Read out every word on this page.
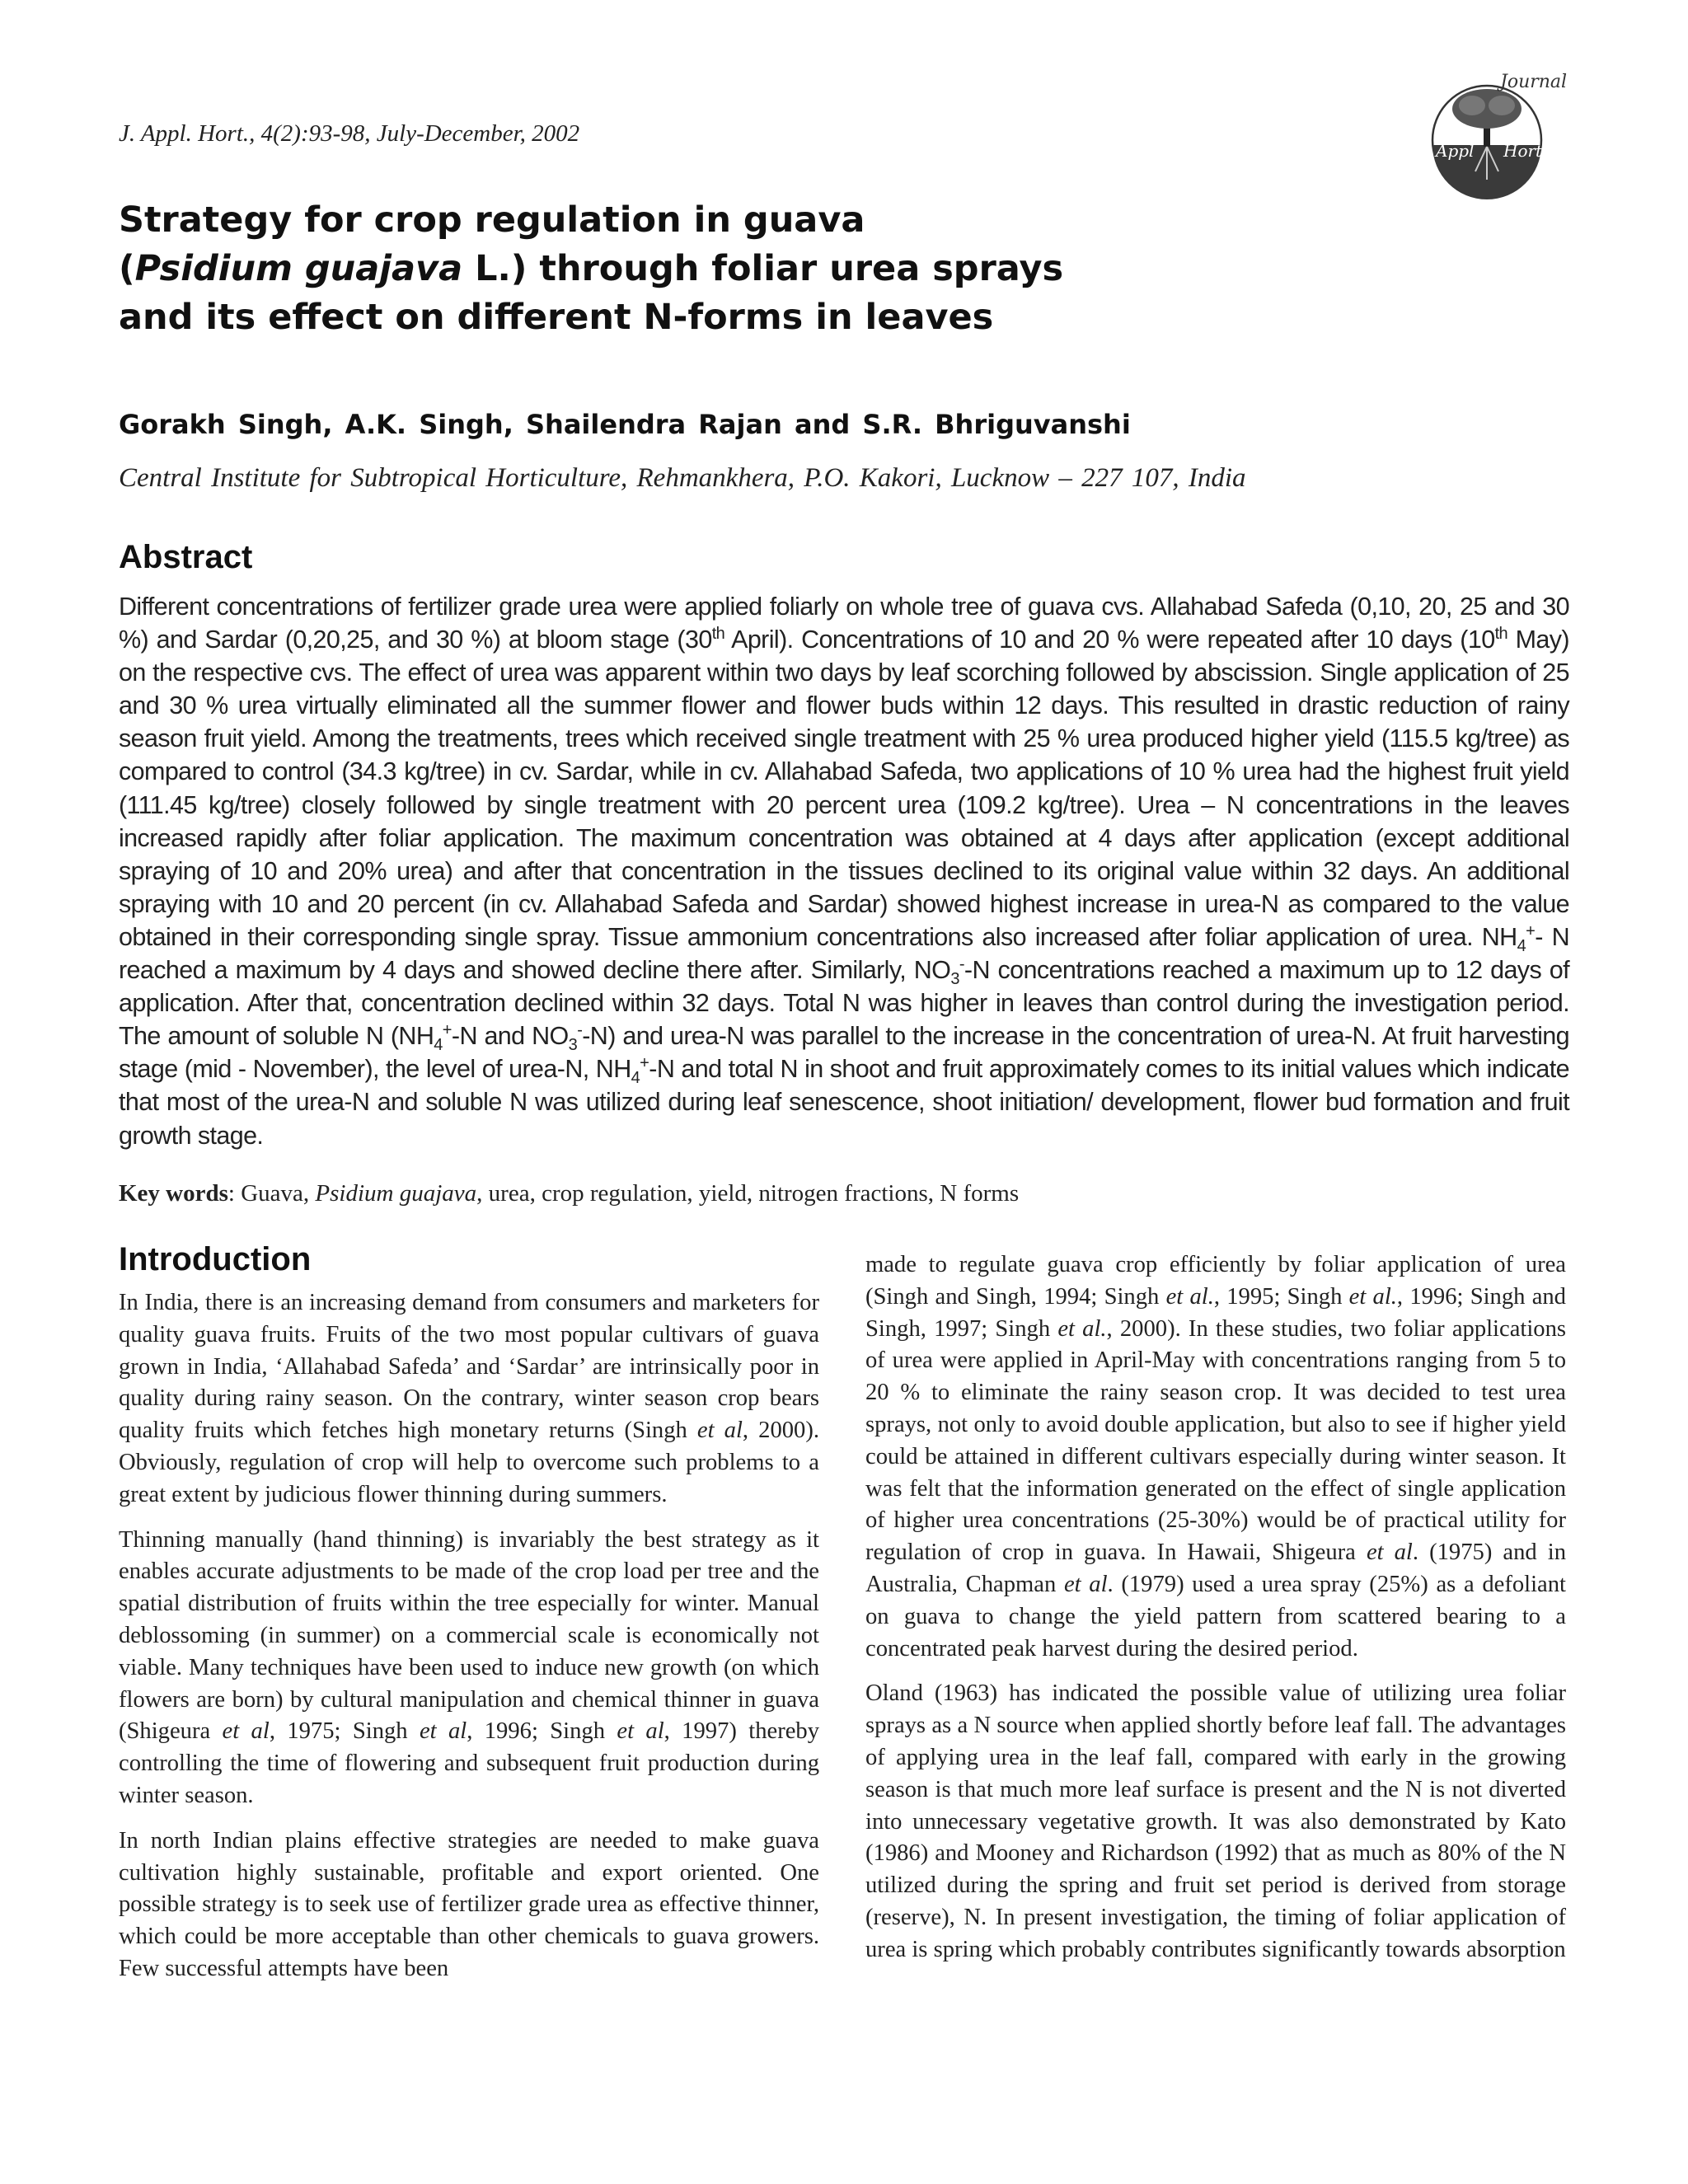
J. Appl. Hort., 4(2):93-98, July-December, 2002
Journal
Appl Hort
Strategy for crop regulation in guava
(Psidium guajava L.) through foliar urea sprays
and its effect on different N-forms in leaves
Gorakh Singh, A.K. Singh, Shailendra Rajan and S.R. Bhriguvanshi
Central Institute for Subtropical Horticulture, Rehmankhera, P.O. Kakori, Lucknow – 227 107, India
Abstract

Different concentrations of fertilizer grade urea were applied foliarly on whole tree of guava cvs. Allahabad Safeda (0,10, 20, 25 and 30 %) and Sardar (0,20,25, and 30 %) at bloom stage (30th April). Concentrations of 10 and 20 % were repeated after 10 days (10th May) on the respective cvs. The effect of urea was apparent within two days by leaf scorching followed by abscission. Single application of 25 and 30 % urea virtually eliminated all the summer flower and flower buds within 12 days. This resulted in drastic reduction of rainy season fruit yield. Among the treatments, trees which received single treatment with 25 % urea produced higher yield (115.5 kg/tree) as compared to control (34.3 kg/tree) in cv. Sardar, while in cv. Allahabad Safeda, two applications of 10 % urea had the highest fruit yield (111.45 kg/tree) closely followed by single treatment with 20 percent urea (109.2 kg/tree). Urea – N concentrations in the leaves increased rapidly after foliar application. The maximum concentration was obtained at 4 days after application (except additional spraying of 10 and 20% urea) and after that concentration in the tissues declined to its original value within 32 days. An additional spraying with 10 and 20 percent (in cv. Allahabad Safeda and Sardar) showed highest increase in urea-N as compared to the value obtained in their corresponding single spray. Tissue ammonium concentrations also increased after foliar application of urea. $NH_4^+-$ N reached a maximum by 4 days and showed decline there after. Similarly, $NO_3^--N$ concentrations reached a maximum up to 12 days of application. After that, concentration declined within 32 days. Total N was higher in leaves than control during the investigation period. The amount of soluble N ($NH_4^+-N$ and $NO_3^--N$) and urea-N was parallel to the increase in the concentration of urea-N. At fruit harvesting stage (mid - November), the level of urea-N, $NH_4^+-N$ and total N in shoot and fruit approximately comes to its initial values which indicate that most of the urea-N and soluble N was utilized during leaf senescence, shoot initiation/ development, flower bud formation and fruit growth stage.

Key words: Guava, Psidium guajava, urea, crop regulation, yield, nitrogen fractions, N forms
Introduction

In India, there is an increasing demand from consumers and marketers for quality guava fruits. Fruits of the two most popular cultivars of guava grown in India, ‘Allahabad Safeda’ and ‘Sardar’ are intrinsically poor in quality during rainy season. On the contrary, winter season crop bears quality fruits which fetches high monetary returns (Singh et al, 2000). Obviously, regulation of crop will help to overcome such problems to a great extent by judicious flower thinning during summers.

Thinning manually (hand thinning) is invariably the best strategy as it enables accurate adjustments to be made of the crop load per tree and the spatial distribution of fruits within the tree especially for winter. Manual deblossoming (in summer) on a commercial scale is economically not viable. Many techniques have been used to induce new growth (on which flowers are born) by cultural manipulation and chemical thinner in guava (Shigeura et al, 1975; Singh et al, 1996; Singh et al, 1997) thereby controlling the time of flowering and subsequent fruit production during winter season.

In north Indian plains effective strategies are needed to make guava cultivation highly sustainable, profitable and export oriented. One possible strategy is to seek use of fertilizer grade urea as effective thinner, which could be more acceptable than other chemicals to guava growers. Few successful attempts have been

made to regulate guava crop efficiently by foliar application of urea (Singh and Singh, 1994; Singh et al., 1995; Singh et al., 1996; Singh and Singh, 1997; Singh et al., 2000). In these studies, two foliar applications of urea were applied in April-May with concentrations ranging from 5 to 20 % to eliminate the rainy season crop. It was decided to test urea sprays, not only to avoid double application, but also to see if higher yield could be attained in different cultivars especially during winter season. It was felt that the information generated on the effect of single application of higher urea concentrations (25-30%) would be of practical utility for regulation of crop in guava. In Hawaii, Shigeura et al. (1975) and in Australia, Chapman et al. (1979) used a urea spray (25%) as a defoliant on guava to change the yield pattern from scattered bearing to a concentrated peak harvest during the desired period.

Oland (1963) has indicated the possible value of utilizing urea foliar sprays as a N source when applied shortly before leaf fall. The advantages of applying urea in the leaf fall, compared with early in the growing season is that much more leaf surface is present and the N is not diverted into unnecessary vegetative growth. It was also demonstrated by Kato (1986) and Mooney and Richardson (1992) that as much as 80% of the N utilized during the spring and fruit set period is derived from storage (reserve), N. In present investigation, the timing of foliar application of urea is spring which probably contributes significantly towards absorption
